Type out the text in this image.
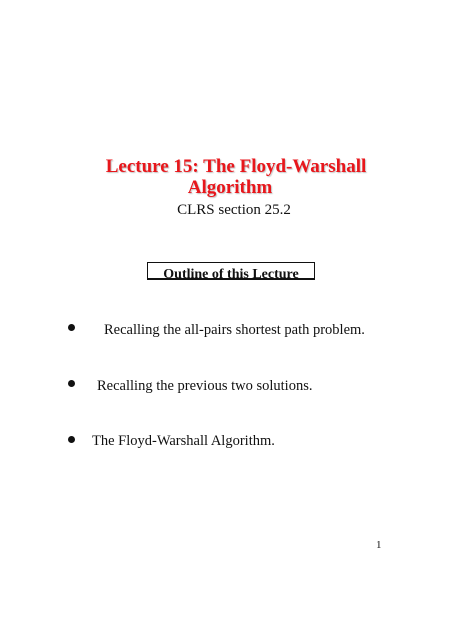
Lecture 15: The Floyd-Warshall
Algorithm
CLRS section 25.2
Outline of this Lecture
Recalling the all-pairs shortest path problem.
Recalling the previous two solutions.
The Floyd-Warshall Algorithm.
1
